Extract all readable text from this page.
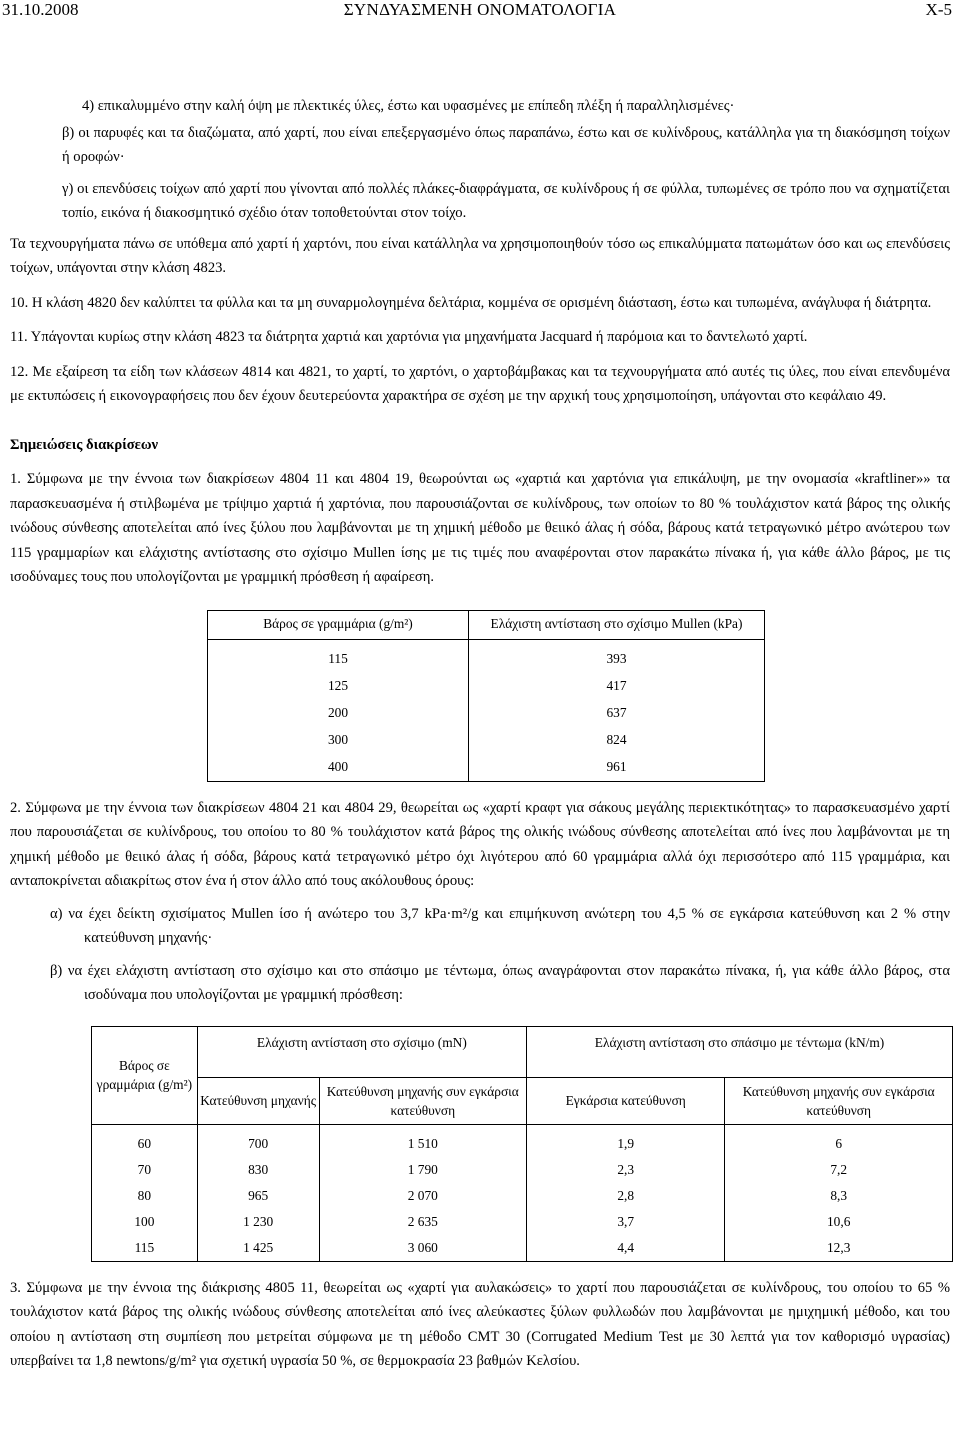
31.10.2008	ΣΥΝΔΥΑΣΜΕΝΗ ΟΝΟΜΑΤΟΛΟΓΙΑ	X-5

4) επικαλυμμένο στην καλή όψη με πλεκτικές ύλες, έστω και υφασμένες με επίπεδη πλέξη ή παραλληλισμένες·

β) οι παρυφές και τα διαζώματα, από χαρτί, που είναι επεξεργασμένο όπως παραπάνω, έστω και σε κυλίνδρους, κατάλληλα για τη διακόσμηση τοίχων ή οροφών·

γ) οι επενδύσεις τοίχων από χαρτί που γίνονται από πολλές πλάκες-διαφράγματα, σε κυλίνδρους ή σε φύλλα, τυπωμένες σε τρόπο που να σχηματίζεται τοπίο, εικόνα ή διακοσμητικό σχέδιο όταν τοποθετούνται στον τοίχο.

Τα τεχνουργήματα πάνω σε υπόθεμα από χαρτί ή χαρτόνι, που είναι κατάλληλα να χρησιμοποιηθούν τόσο ως επικαλύμματα πατωμάτων όσο και ως επενδύσεις τοίχων, υπάγονται στην κλάση 4823.

10. Η κλάση 4820 δεν καλύπτει τα φύλλα και τα μη συναρμολογημένα δελτάρια, κομμένα σε ορισμένη διάσταση, έστω και τυπωμένα, ανάγλυφα ή διάτρητα.

11. Υπάγονται κυρίως στην κλάση 4823 τα διάτρητα χαρτιά και χαρτόνια για μηχανήματα Jacquard ή παρόμοια και το δαντελωτό χαρτί.

12. Με εξαίρεση τα είδη των κλάσεων 4814 και 4821, το χαρτί, το χαρτόνι, ο χαρτοβάμβακας και τα τεχνουργήματα από αυτές τις ύλες, που είναι επενδυμένα με εκτυπώσεις ή εικονογραφήσεις που δεν έχουν δευτερεύοντα χαρακτήρα σε σχέση με την αρχική τους χρησιμοποίηση, υπάγονται στο κεφάλαιο 49.

Σημειώσεις διακρίσεων

1. Σύμφωνα με την έννοια των διακρίσεων 4804 11 και 4804 19, θεωρούνται ως «χαρτιά και χαρτόνια για επικάλυψη, με την ονομασία «kraftliner»» τα παρασκευασμένα ή στιλβωμένα με τρίψιμο χαρτιά ή χαρτόνια, που παρουσιάζονται σε κυλίνδρους, των οποίων το 80 % τουλάχιστον κατά βάρος της ολικής ινώδους σύνθεσης αποτελείται από ίνες ξύλου που λαμβάνονται με τη χημική μέθοδο με θειικό άλας ή σόδα, βάρους κατά τετραγωνικό μέτρο ανώτερου των 115 γραμμαρίων και ελάχιστης αντίστασης στο σχίσιμο Mullen ίσης με τις τιμές που αναφέρονται στον παρακάτω πίνακα ή, για κάθε άλλο βάρος, με τις ισοδύναμες τους που υπολογίζονται με γραμμική πρόσθεση ή αφαίρεση.

Βάρος σε γραμμάρια (g/m²)	Ελάχιστη αντίσταση στο σχίσιμο Mullen (kPa)

115	393
125	417
200	637
300	824
400	961

2. Σύμφωνα με την έννοια των διακρίσεων 4804 21 και 4804 29, θεωρείται ως «χαρτί κραφτ για σάκους μεγάλης περιεκτικότητας» το παρασκευασμένο χαρτί που παρουσιάζεται σε κυλίνδρους, του οποίου το 80 % τουλάχιστον κατά βάρος της ολικής ινώδους σύνθεσης αποτελείται από ίνες που λαμβάνονται με τη χημική μέθοδο με θειικό άλας ή σόδα, βάρους κατά τετραγωνικό μέτρο όχι λιγότερου από 60 γραμμάρια αλλά όχι περισσότερο από 115 γραμμάρια, και ανταποκρίνεται αδιακρίτως στον ένα ή στον άλλο από τους ακόλουθους όρους:

α) να έχει δείκτη σχισίματος Mullen ίσο ή ανώτερο του 3,7 kPa·m²/g και επιμήκυνση ανώτερη του 4,5 % σε εγκάρσια κατεύθυνση και 2 % στην κατεύθυνση μηχανής·

β) να έχει ελάχιστη αντίσταση στο σχίσιμο και στο σπάσιμο με τέντωμα, όπως αναγράφονται στον παρακάτω πίνακα, ή, για κάθε άλλο βάρος, στα ισοδύναμα που υπολογίζονται με γραμμική πρόσθεση:

Βάρος σε γραμμάρια (g/m²)	Ελάχιστη αντίσταση στο σχίσιμο (mN)		Ελάχιστη αντίσταση στο σπάσιμο με τέντωμα (kN/m)	
	Κατεύθυνση μηχανής	Κατεύθυνση μηχανής συν εγκάρσια κατεύθυνση	Εγκάρσια κατεύθυνση	Κατεύθυνση μηχανής συν εγκάρσια κατεύθυνση

60	700	1 510	1,9	6
70	830	1 790	2,3	7,2
80	965	2 070	2,8	8,3
100	1 230	2 635	3,7	10,6
115	1 425	3 060	4,4	12,3

3. Σύμφωνα με την έννοια της διάκρισης 4805 11, θεωρείται ως «χαρτί για αυλακώσεις» το χαρτί που παρουσιάζεται σε κυλίνδρους, του οποίου το 65 % τουλάχιστον κατά βάρος της ολικής ινώδους σύνθεσης αποτελείται από ίνες αλεύκαστες ξύλων φυλλωδών που λαμβάνονται με ημιχημική μέθοδο, και του οποίου η αντίσταση στη συμπίεση που μετρείται σύμφωνα με τη μέθοδο CMT 30 (Corrugated Medium Test με 30 λεπτά για τον καθορισμό υγρασίας) υπερβαίνει τα 1,8 newtons/g/m² για σχετική υγρασία 50 %, σε θερμοκρασία 23 βαθμών Κελσίου.
